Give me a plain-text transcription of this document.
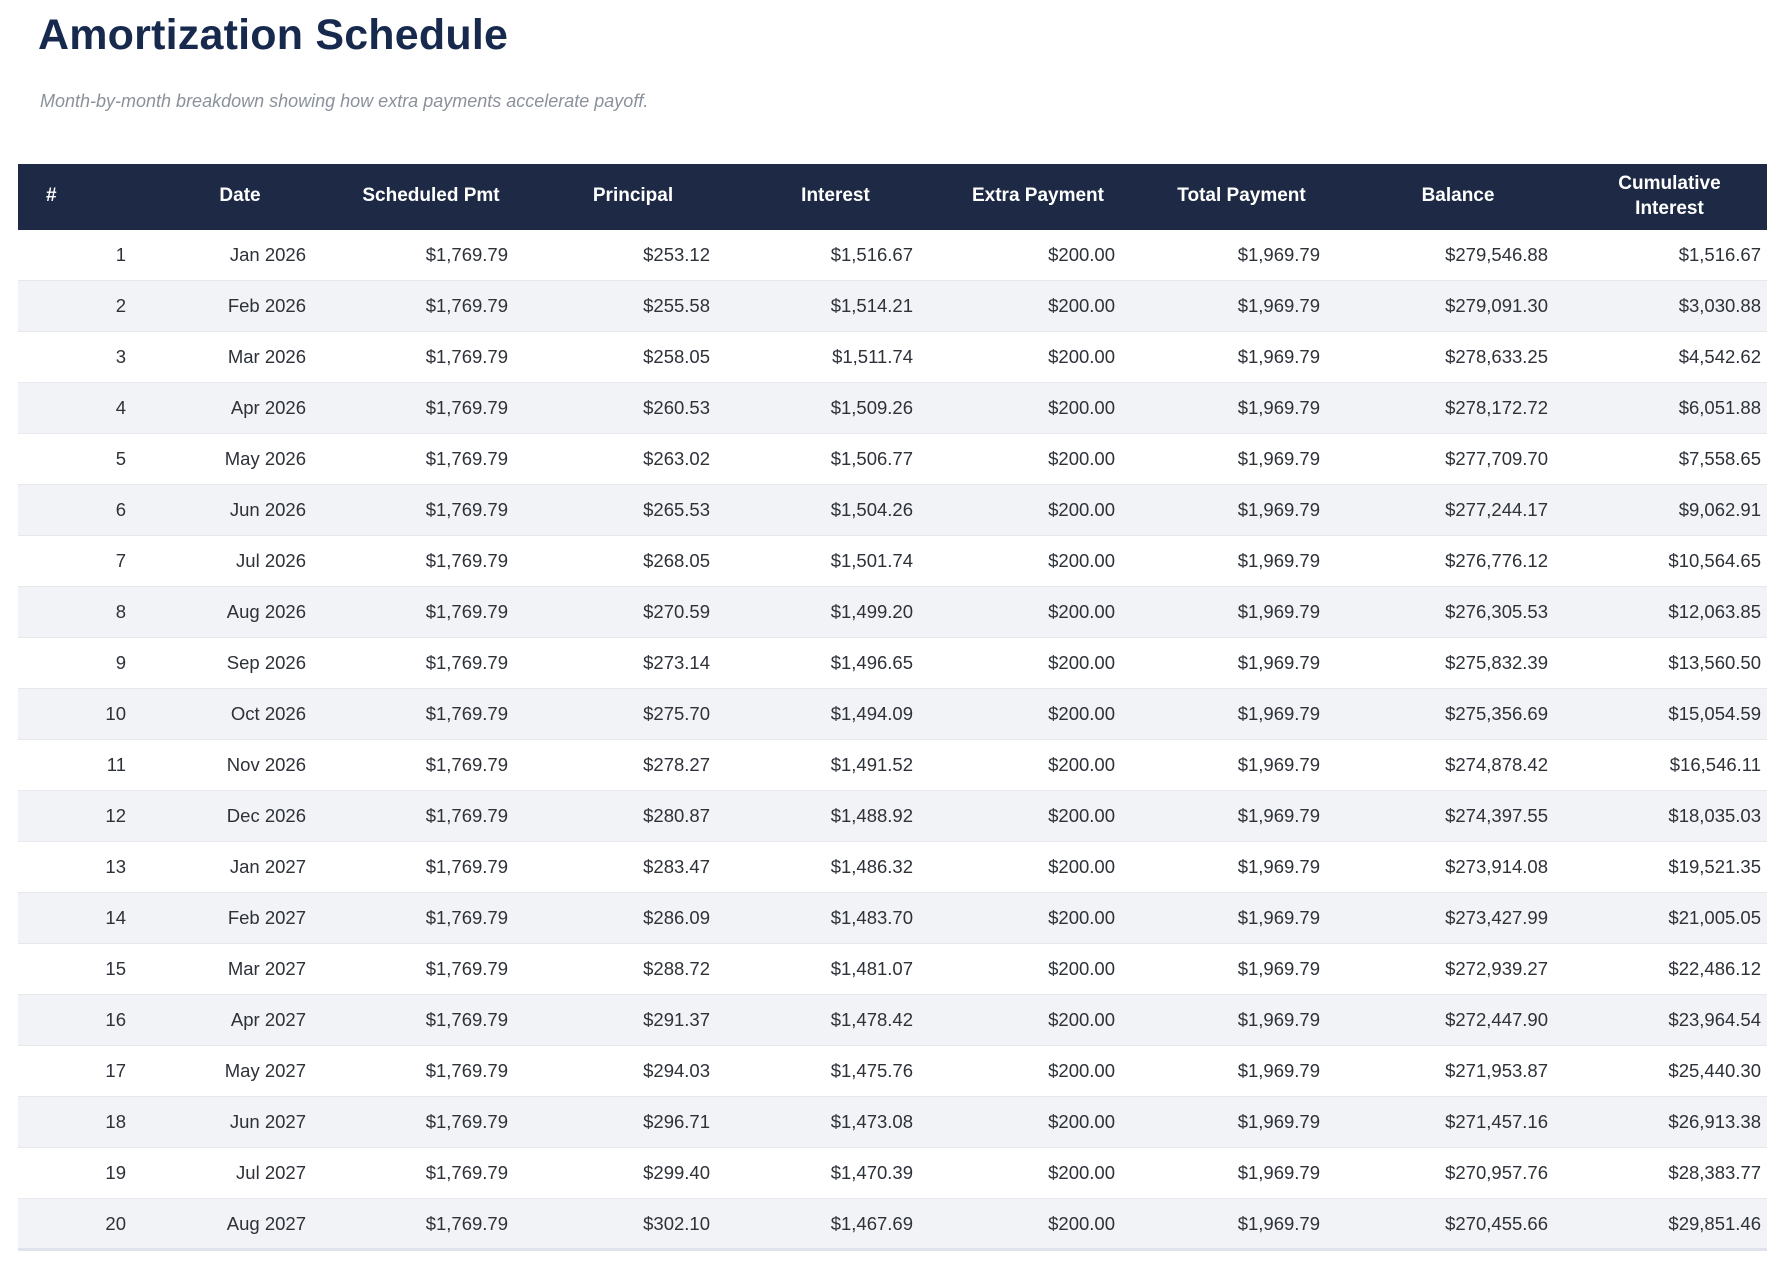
Amortization Schedule

Month-by-month breakdown showing how extra payments accelerate payoff.

#	Date	Scheduled Pmt	Principal	Interest	Extra Payment	Total Payment	Balance	Cumulative Interest
1	Jan 2026	$1,769.79	$253.12	$1,516.67	$200.00	$1,969.79	$279,546.88	$1,516.67
2	Feb 2026	$1,769.79	$255.58	$1,514.21	$200.00	$1,969.79	$279,091.30	$3,030.88
3	Mar 2026	$1,769.79	$258.05	$1,511.74	$200.00	$1,969.79	$278,633.25	$4,542.62
4	Apr 2026	$1,769.79	$260.53	$1,509.26	$200.00	$1,969.79	$278,172.72	$6,051.88
5	May 2026	$1,769.79	$263.02	$1,506.77	$200.00	$1,969.79	$277,709.70	$7,558.65
6	Jun 2026	$1,769.79	$265.53	$1,504.26	$200.00	$1,969.79	$277,244.17	$9,062.91
7	Jul 2026	$1,769.79	$268.05	$1,501.74	$200.00	$1,969.79	$276,776.12	$10,564.65
8	Aug 2026	$1,769.79	$270.59	$1,499.20	$200.00	$1,969.79	$276,305.53	$12,063.85
9	Sep 2026	$1,769.79	$273.14	$1,496.65	$200.00	$1,969.79	$275,832.39	$13,560.50
10	Oct 2026	$1,769.79	$275.70	$1,494.09	$200.00	$1,969.79	$275,356.69	$15,054.59
11	Nov 2026	$1,769.79	$278.27	$1,491.52	$200.00	$1,969.79	$274,878.42	$16,546.11
12	Dec 2026	$1,769.79	$280.87	$1,488.92	$200.00	$1,969.79	$274,397.55	$18,035.03
13	Jan 2027	$1,769.79	$283.47	$1,486.32	$200.00	$1,969.79	$273,914.08	$19,521.35
14	Feb 2027	$1,769.79	$286.09	$1,483.70	$200.00	$1,969.79	$273,427.99	$21,005.05
15	Mar 2027	$1,769.79	$288.72	$1,481.07	$200.00	$1,969.79	$272,939.27	$22,486.12
16	Apr 2027	$1,769.79	$291.37	$1,478.42	$200.00	$1,969.79	$272,447.90	$23,964.54
17	May 2027	$1,769.79	$294.03	$1,475.76	$200.00	$1,969.79	$271,953.87	$25,440.30
18	Jun 2027	$1,769.79	$296.71	$1,473.08	$200.00	$1,969.79	$271,457.16	$26,913.38
19	Jul 2027	$1,769.79	$299.40	$1,470.39	$200.00	$1,969.79	$270,957.76	$28,383.77
20	Aug 2027	$1,769.79	$302.10	$1,467.69	$200.00	$1,969.79	$270,455.66	$29,851.46
